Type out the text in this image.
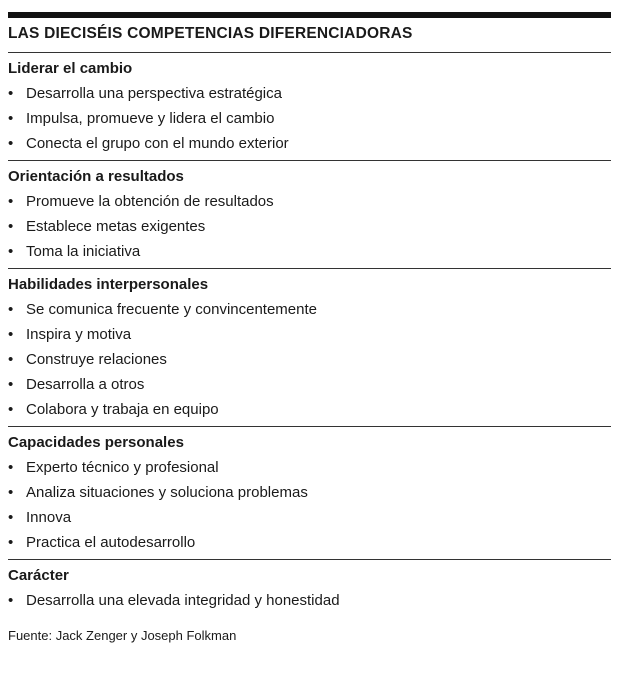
LAS DIECISÉIS COMPETENCIAS DIFERENCIADORAS
Liderar el cambio
• Desarrolla una perspectiva estratégica
• Impulsa, promueve y lidera el cambio
• Conecta el grupo con el mundo exterior
Orientación a resultados
• Promueve la obtención de resultados
• Establece metas exigentes
• Toma la iniciativa
Habilidades interpersonales
• Se comunica frecuente y convincentemente
• Inspira y motiva
• Construye relaciones
• Desarrolla a otros
• Colabora y trabaja en equipo
Capacidades personales
• Experto técnico y profesional
• Analiza situaciones y soluciona problemas
• Innova
• Practica el autodesarrollo
Carácter
• Desarrolla una elevada integridad y honestidad
Fuente: Jack Zenger y Joseph Folkman
